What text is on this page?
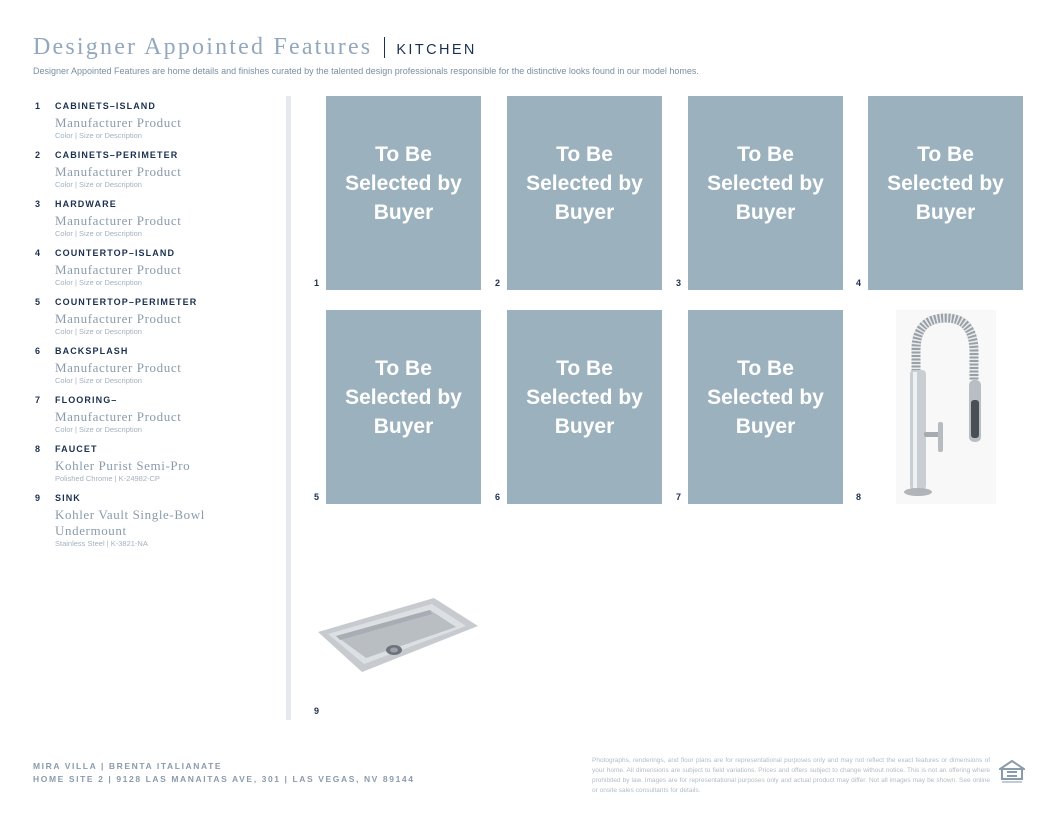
Designer Appointed Features KITCHEN
Designer Appointed Features are home details and finishes curated by the talented design professionals responsible for the distinctive looks found in our model homes.
1	CABINETS–ISLAND
Manufacturer Product
Color | Size or Description
2	CABINETS–PERIMETER
Manufacturer Product
Color | Size or Description
3	HARDWARE
Manufacturer Product
Color | Size or Description
4	COUNTERTOP–ISLAND
Manufacturer Product
Color | Size or Description
5	COUNTERTOP–PERIMETER
Manufacturer Product
Color | Size or Description
6	BACKSPLASH
Manufacturer Product
Color | Size or Description
7	FLOORING–
Manufacturer Product
Color | Size or Description
8	FAUCET
Kohler Purist Semi-Pro
Polished Chrome | K-24982-CP
9	SINK
Kohler Vault Single-Bowl Undermount
Stainless Steel | K-3821-NA
To Be Selected by Buyer
1
To Be Selected by Buyer
2
To Be Selected by Buyer
3
To Be Selected by Buyer
4
To Be Selected by Buyer
5
To Be Selected by Buyer
6
To Be Selected by Buyer
7	8
9
MIRA VILLA | BRENTA ITALIANATE
HOME SITE 2 | 9128 LAS MANAITAS AVE, 301 | LAS VEGAS, NV 89144
Photographs, renderings, and floor plans are for representational purposes only and may not reflect the exact features or dimensions of your home. All dimensions are subject to field variations. Prices and offers subject to change without notice. This is not an offering where prohibited by law. Images are for representational purposes only and actual product may differ. Not all images may be shown. See online or onsite sales consultants for details.
